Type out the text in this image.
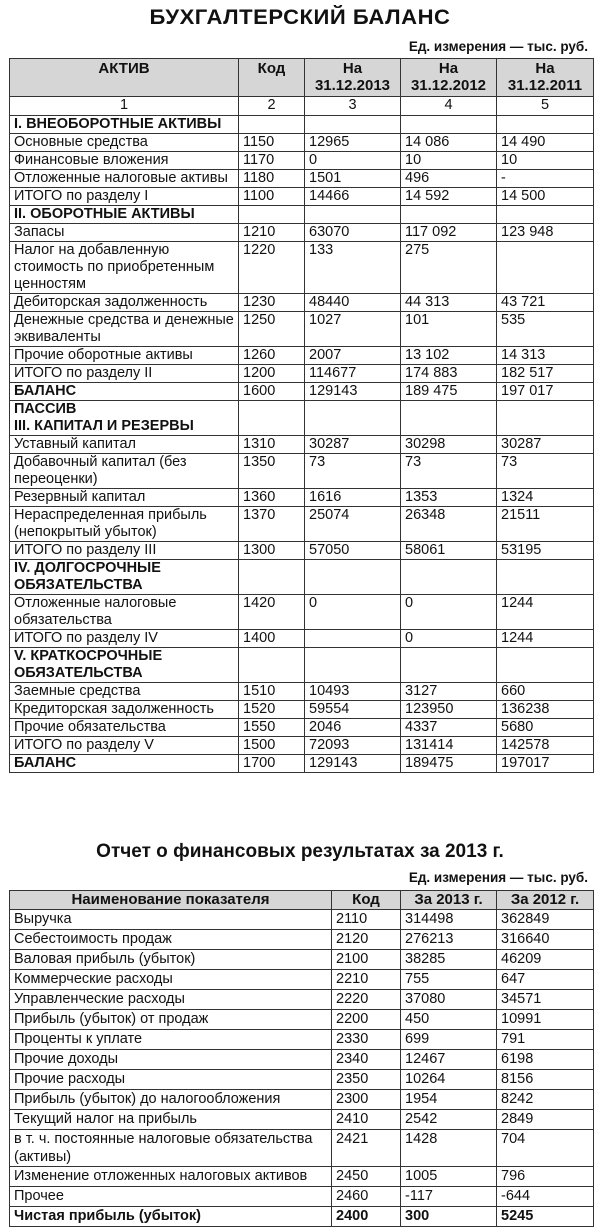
БУХГАЛТЕРСКИЙ БАЛАНС
Ед. измерения — тыс. руб.
АКТИВ	Код	На 31.12.2013	На 31.12.2012	На 31.12.2011
1	2	3	4	5
I. ВНЕОБОРОТНЫЕ АКТИВЫ				
Основные средства	1150	12965	14 086	14 490
Финансовые вложения	1170	0	10	10
Отложенные налоговые активы	1180	1501	496	-
ИТОГО по разделу I	1100	14466	14 592	14 500
II. ОБОРОТНЫЕ АКТИВЫ				
Запасы	1210	63070	117 092	123 948
Налог на добавленную стоимость по приобретенным ценностям	1220	133	275	
Дебиторская задолженность	1230	48440	44 313	43 721
Денежные средства и денежные эквиваленты	1250	1027	101	535
Прочие оборотные активы	1260	2007	13 102	14 313
ИТОГО по разделу II	1200	114677	174 883	182 517
БАЛАНС	1600	129143	189 475	197 017
ПАССИВ
III. КАПИТАЛ И РЕЗЕРВЫ				
Уставный капитал	1310	30287	30298	30287
Добавочный капитал (без переоценки)	1350	73	73	73
Резервный капитал	1360	1616	1353	1324
Нераспределенная прибыль (непокрытый убыток)	1370	25074	26348	21511
ИТОГО по разделу III	1300	57050	58061	53195
IV. ДОЛГОСРОЧНЫЕ ОБЯЗАТЕЛЬСТВА				
Отложенные налоговые обязательства	1420	0	0	1244
ИТОГО по разделу IV	1400		0	1244
V. КРАТКОСРОЧНЫЕ ОБЯЗАТЕЛЬСТВА				
Заемные средства	1510	10493	3127	660
Кредиторская задолженность	1520	59554	123950	136238
Прочие обязательства	1550	2046	4337	5680
ИТОГО по разделу V	1500	72093	131414	142578
БАЛАНС	1700	129143	189475	197017
Отчет о финансовых результатах за 2013 г.
Ед. измерения — тыс. руб.
Наименование показателя	Код	За 2013 г.	За 2012 г.
Выручка	2110	314498	362849
Себестоимость продаж	2120	276213	316640
Валовая прибыль (убыток)	2100	38285	46209
Коммерческие расходы	2210	755	647
Управленческие расходы	2220	37080	34571
Прибыль (убыток) от продаж	2200	450	10991
Проценты к уплате	2330	699	791
Прочие доходы	2340	12467	6198
Прочие расходы	2350	10264	8156
Прибыль (убыток) до налогообложения	2300	1954	8242
Текущий налог на прибыль	2410	2542	2849
в т. ч. постоянные налоговые обязательства (активы)	2421	1428	704
Изменение отложенных налоговых активов	2450	1005	796
Прочее	2460	-117	-644
Чистая прибыль (убыток)	2400	300	5245
